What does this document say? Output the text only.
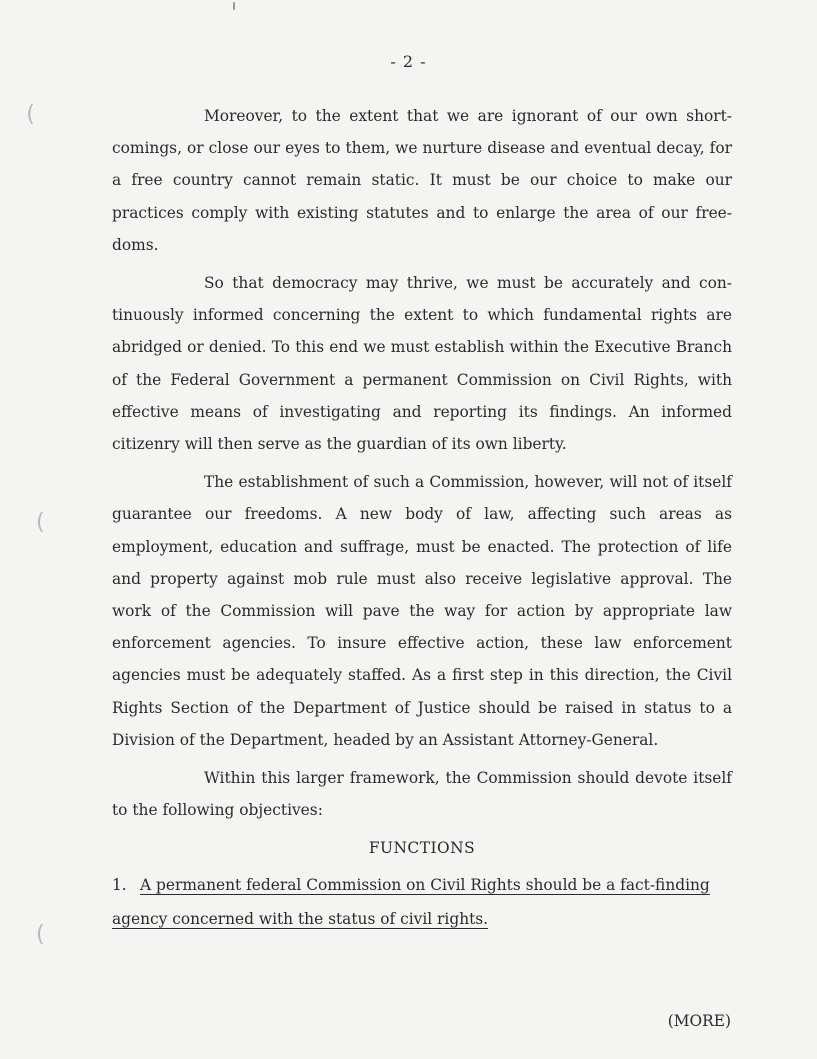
- 2 -
 (
(
(

Moreover, to the extent that we are ignorant of our own short-comings, or close our eyes to them, we nurture disease and eventual decay, for a free country cannot remain static. It must be our choice to make our practices comply with existing statutes and to enlarge the area of our free-doms.

So that democracy may thrive, we must be accurately and con-tinuously informed concerning the extent to which fundamental rights are abridged or denied. To this end we must establish within the Executive Branch of the Federal Government a permanent Commission on Civil Rights, with effective means of investigating and reporting its findings. An informed citizenry will then serve as the guardian of its own liberty.

The establishment of such a Commission, however, will not of itself guarantee our freedoms. A new body of law, affecting such areas as employment, education and suffrage, must be enacted. The protection of life and property against mob rule must also receive legislative approval. The work of the Commission will pave the way for action by appropriate law enforcement agencies. To insure effective action, these law enforcement agencies must be adequately staffed. As a first step in this direction, the Civil Rights Section of the Department of Justice should be raised in status to a Division of the Department, headed by an Assistant Attorney-General.

Within this larger framework, the Commission should devote itself to the following objectives:

FUNCTIONS

1. A permanent federal Commission on Civil Rights should be a fact-finding agency concerned with the status of civil rights.

(MORE)
